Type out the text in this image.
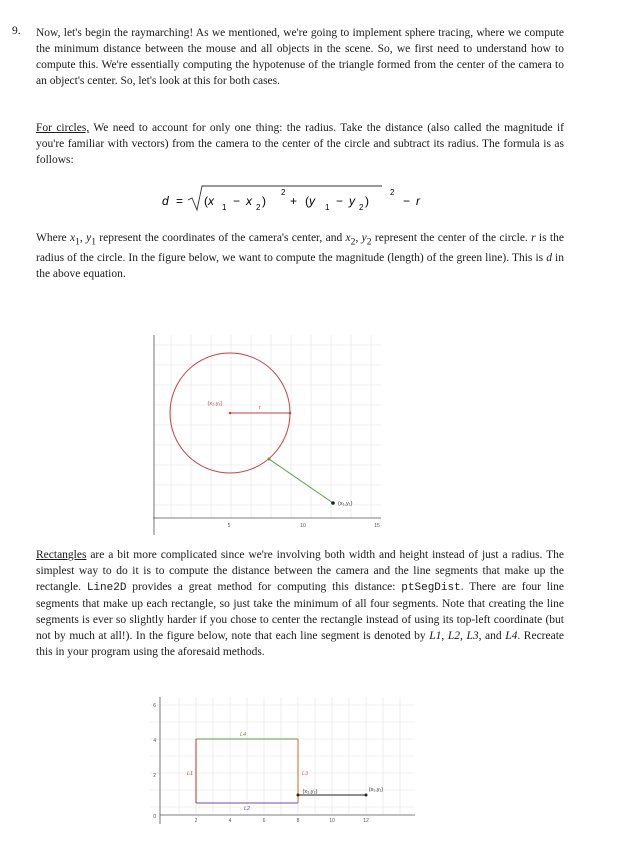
9. Now, let's begin the raymarching! As we mentioned, we're going to implement sphere tracing, where we compute the minimum distance between the mouse and all objects in the scene. So, we first need to understand how to compute this. We're essentially computing the hypotenuse of the triangle formed from the center of the camera to an object's center. So, let's look at this for both cases.

For circles, We need to account for only one thing: the radius. Take the distance (also called the magnitude if you're familiar with vectors) from the camera to the center of the circle and subtract its radius. The formula is as follows:

Where $x_1$, $y_1$ represent the coordinates of the camera's center, and $x_2$, $y_2$ represent the center of the circle. r is the radius of the circle. In the figure below, we want to compute the magnitude (length) of the green line). This is d in the above equation.

Rectangles are a bit more complicated since we're involving both width and height instead of just a radius. The simplest way to do it is to compute the distance between the camera and the line segments that make up the rectangle. Line2D provides a great method for computing this distance: ptSegDist. There are four line segments that make up each rectangle, so just take the minimum of all four segments. Note that creating the line segments is ever so slightly harder if you chose to center the rectangle instead of using its top-left coordinate (but not by much at all!). In the figure below, note that each line segment is denoted by L1, L2, L3, and L4. Recreate this in your program using the aforesaid methods.

d = (x 1 − x 2 )
2
+ (y 1 − y 2 )
2
− r
5	10	15
(x₂,y₂)
r
(x₁,y₁)
6
4
2
0
2	4	6	8	10	12
L4
L1
L2
L3
(x₂,y₂)	(x₁,y₁)
